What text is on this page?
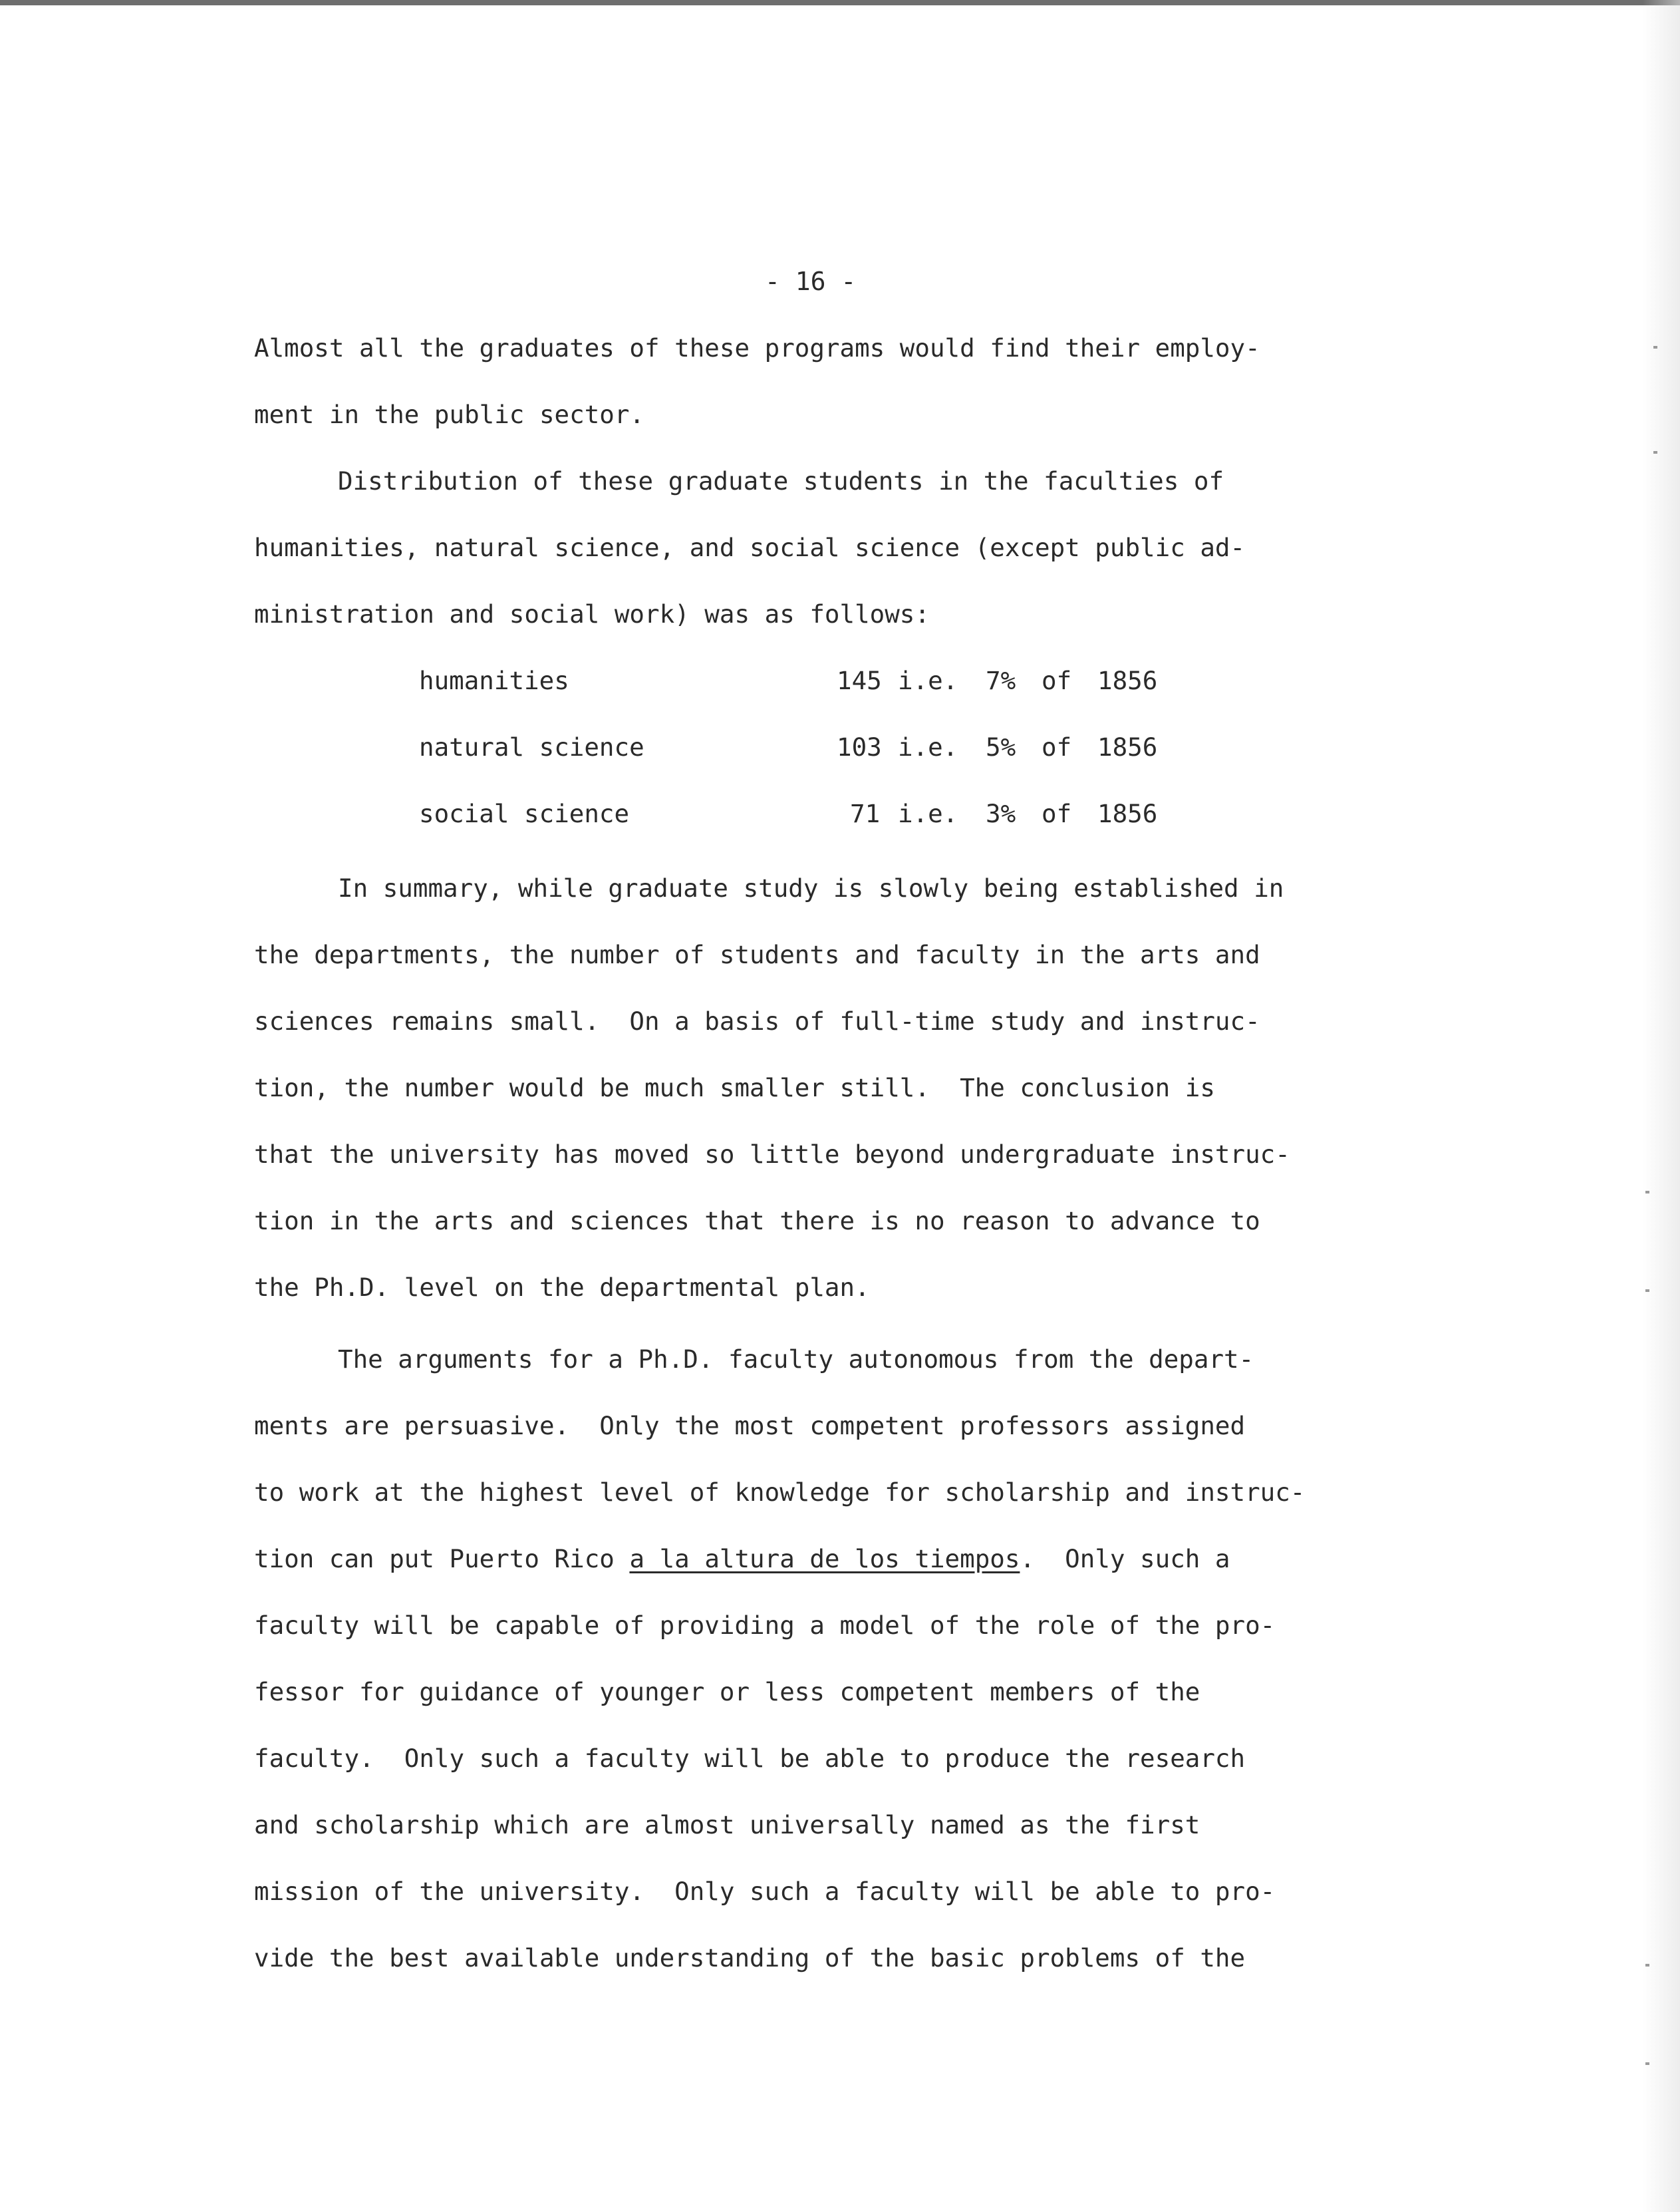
- 16 -
Almost all the graduates of these programs would find their employ-
ment in the public sector.
Distribution of these graduate students in the faculties of
humanities, natural science, and social science (except public ad-
ministration and social work) was as follows:
humanities	145 i.e. 7% of 1856
natural science	103 i.e. 5% of 1856
social science	71 i.e. 3% of 1856
In summary, while graduate study is slowly being established in
the departments, the number of students and faculty in the arts and
sciences remains small.  On a basis of full-time study and instruc-
tion, the number would be much smaller still.  The conclusion is
that the university has moved so little beyond undergraduate instruc-
tion in the arts and sciences that there is no reason to advance to
the Ph.D. level on the departmental plan.
The arguments for a Ph.D. faculty autonomous from the depart-
ments are persuasive.  Only the most competent professors assigned
to work at the highest level of knowledge for scholarship and instruc-
tion can put Puerto Rico a la altura de los tiempos.  Only such a
faculty will be capable of providing a model of the role of the pro-
fessor for guidance of younger or less competent members of the
faculty.  Only such a faculty will be able to produce the research
and scholarship which are almost universally named as the first
mission of the university.  Only such a faculty will be able to pro-
vide the best available understanding of the basic problems of the
